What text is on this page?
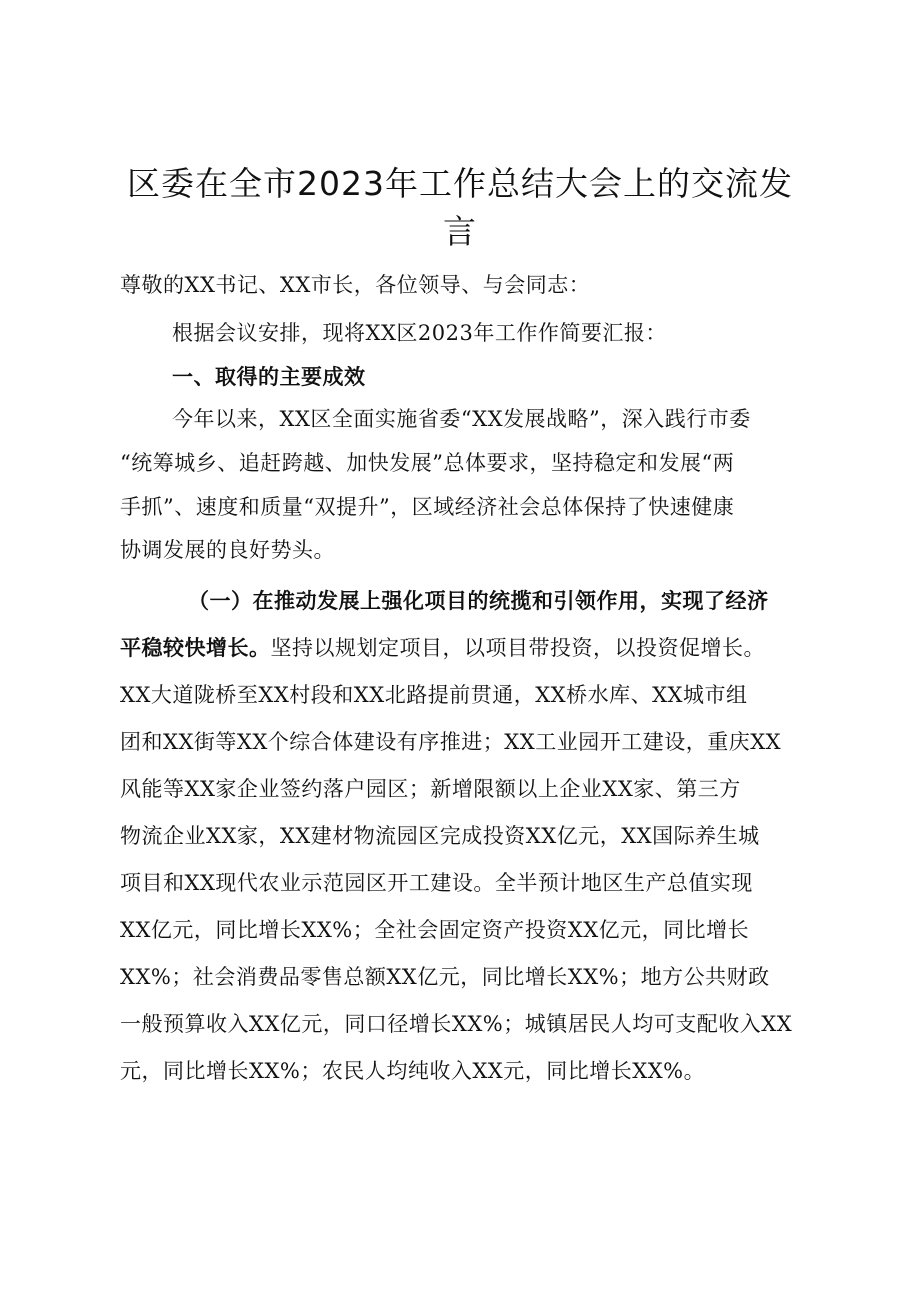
区委在全市2023年工作总结大会上的交流发
言
尊敬的XX书记、XX市长，各位领导、与会同志：
根据会议安排，现将XX区2023年工作作简要汇报：
一、取得的主要成效
今年以来，XX区全面实施省委“XX发展战略”，深入践行市委
“统筹城乡、追赶跨越、加快发展”总体要求，坚持稳定和发展“两
手抓”、速度和质量“双提升”，区域经济社会总体保持了快速健康
协调发展的良好势头。
（一）在推动发展上强化项目的统揽和引领作用，实现了经济
平稳较快增长。坚持以规划定项目，以项目带投资，以投资促增长。
XX大道陇桥至XX村段和XX北路提前贯通，XX桥水库、XX城市组
团和XX街等XX个综合体建设有序推进；XX工业园开工建设，重庆XX
风能等XX家企业签约落户园区；新增限额以上企业XX家、第三方
物流企业XX家，XX建材物流园区完成投资XX亿元，XX国际养生城
项目和XX现代农业示范园区开工建设。全半预计地区生产总值实现
XX亿元，同比增长XX%；全社会固定资产投资XX亿元，同比增长
XX%；社会消费品零售总额XX亿元，同比增长XX%；地方公共财政
一般预算收入XX亿元，同口径增长XX%；城镇居民人均可支配收入XX
元，同比增长XX%；农民人均纯收入XX元，同比增长XX%。
